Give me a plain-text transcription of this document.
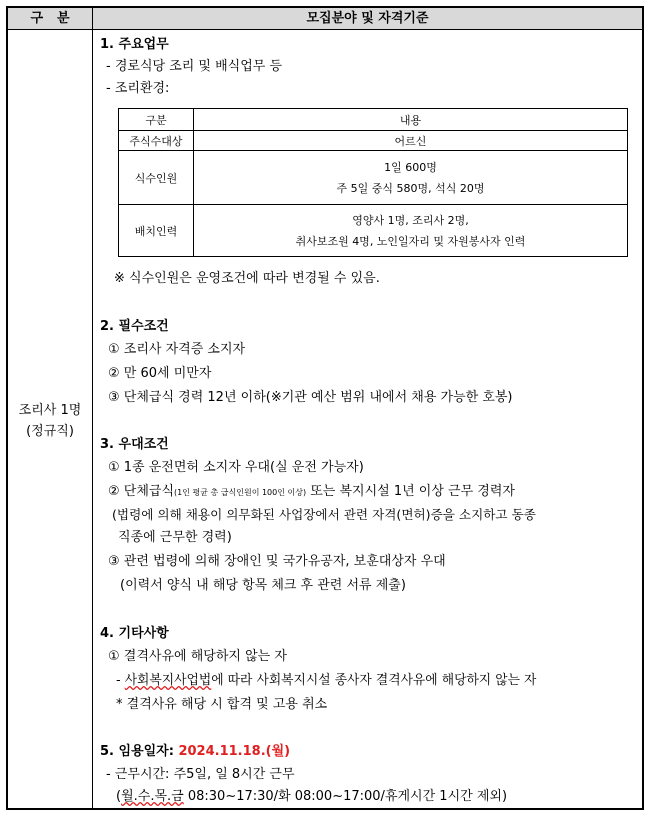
구분	모집분야 및 자격기준
조리사 1명
(정규직)
1. 주요업무
- 경로식당 조리 및 배식업무 등
- 조리환경:
구분	내용
주식수대상	어르신
식수인원	1일 600명
주 5일 중식 580명, 석식 20명

배치인력	영양사 1명, 조리사 2명,
취사보조원 4명, 노인일자리 및 자원봉사자 인력
※ 식수인원은 운영조건에 따라 변경될 수 있음.
2. 필수조건
① 조리사 자격증 소지자
② 만 60세 미만자
③ 단체급식 경력 12년 이하(※기관 예산 범위 내에서 채용 가능한 호봉)
3. 우대조건
① 1종 운전면허 소지자 우대(실 운전 가능자)
② 단체급식(1인 평균 총 급식인원이 100인 이상) 또는 복지시설 1년 이상 근무 경력자
(법령에 의해 채용이 의무화된 사업장에서 관련 자격(면허)증을 소지하고 동종
직종에 근무한 경력)
③ 관련 법령에 의해 장애인 및 국가유공자, 보훈대상자 우대
(이력서 양식 내 해당 항목 체크 후 관련 서류 제출)
4. 기타사항
① 결격사유에 해당하지 않는 자
- 사회복지사업법에 따라 사회복지시설 종사자 결격사유에 해당하지 않는 자
* 결격사유 해당 시 합격 및 고용 취소
5. 임용일자: 2024.11.18.(월)
- 근무시간: 주5일, 일 8시간 근무
(월.수.목.금 08:30~17:30/화 08:00~17:00/휴게시간 1시간 제외)
